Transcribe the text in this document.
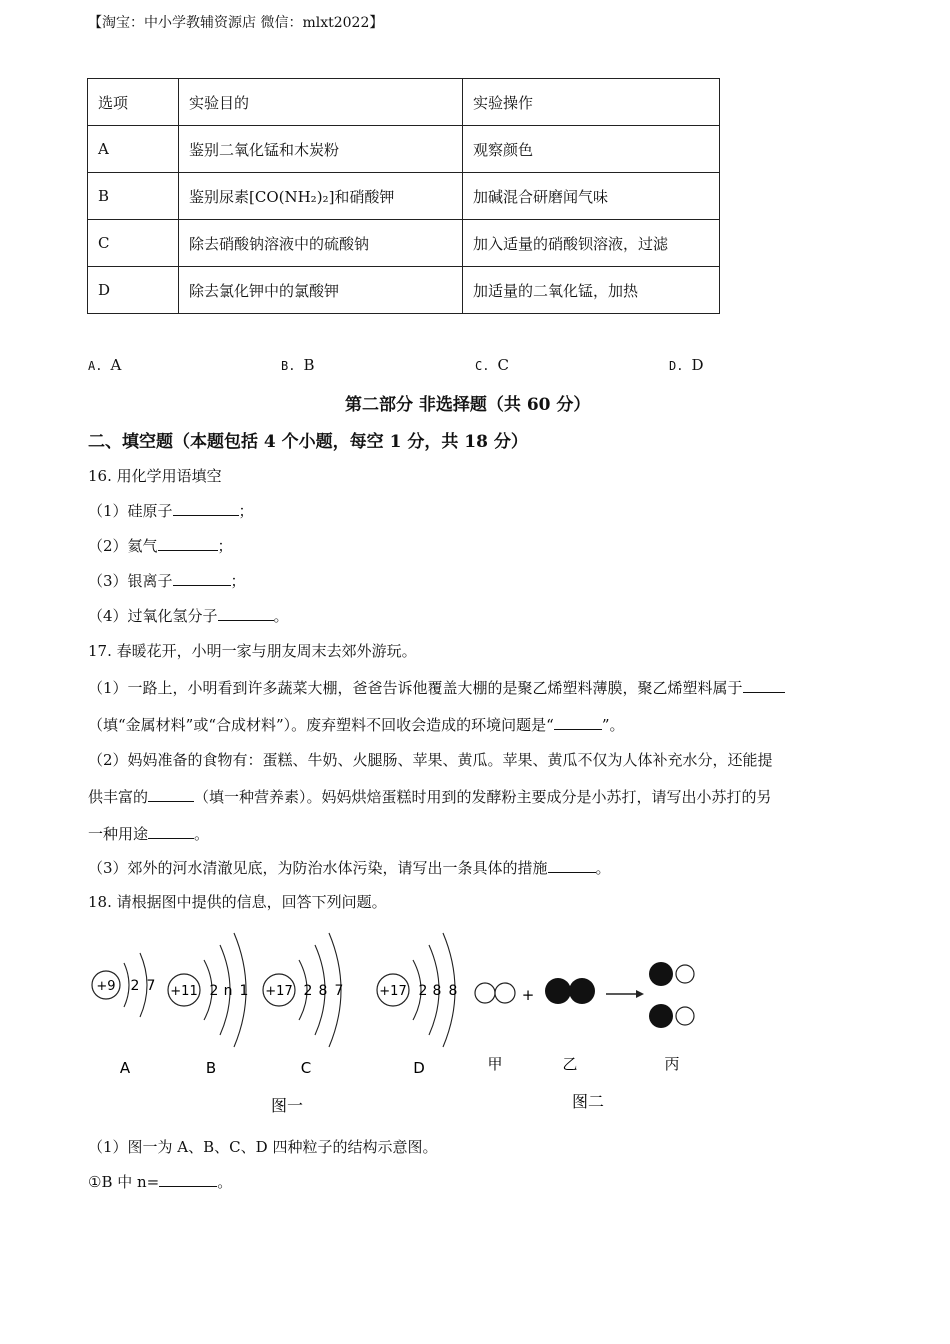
【淘宝：中小学教辅资源店 微信：mlxt2022】
选项	实验目的	实验操作
A	鉴别二氧化锰和木炭粉	观察颜色
B	鉴别尿素[CO(NH₂)₂]和硝酸钾	加碱混合研磨闻气味
C	除去硝酸钠溶液中的硫酸钠	加入适量的硝酸钡溶液，过滤
D	除去氯化钾中的氯酸钾	加适量的二氧化锰，加热
A. A	B. B	C. C	D. D
第二部分 非选择题（共 60 分）
二、填空题（本题包括 4 个小题，每空 1 分，共 18 分）
16. 用化学用语填空
（1）硅原子	；
（2）氦气	；
（3）银离子	；
（4）过氧化氢分子	。
17. 春暖花开，小明一家与朋友周末去郊外游玩。
（1）一路上，小明看到许多蔬菜大棚，爸爸告诉他覆盖大棚的是聚乙烯塑料薄膜，聚乙烯塑料属于
（填“金属材料”或“合成材料”）。废弃塑料不回收会造成的环境问题是“	”。
（2）妈妈准备的食物有：蛋糕、牛奶、火腿肠、苹果、黄瓜。苹果、黄瓜不仅为人体补充水分，还能提
供丰富的	（填一种营养素）。妈妈烘焙蛋糕时用到的发酵粉主要成分是小苏打，请写出小苏打的另
一种用途	。
（3）郊外的河水清澈见底，为防治水体污染，请写出一条具体的措施	。
18. 请根据图中提供的信息，回答下列问题。
+9 2 7
A
+11 2 n 1
B
+17 2 8 7
C
+17 2 8 8
D
图一
+
甲	乙	丙
图二
（1）图一为 A、B、C、D 四种粒子的结构示意图。
①B 中 n=	。
